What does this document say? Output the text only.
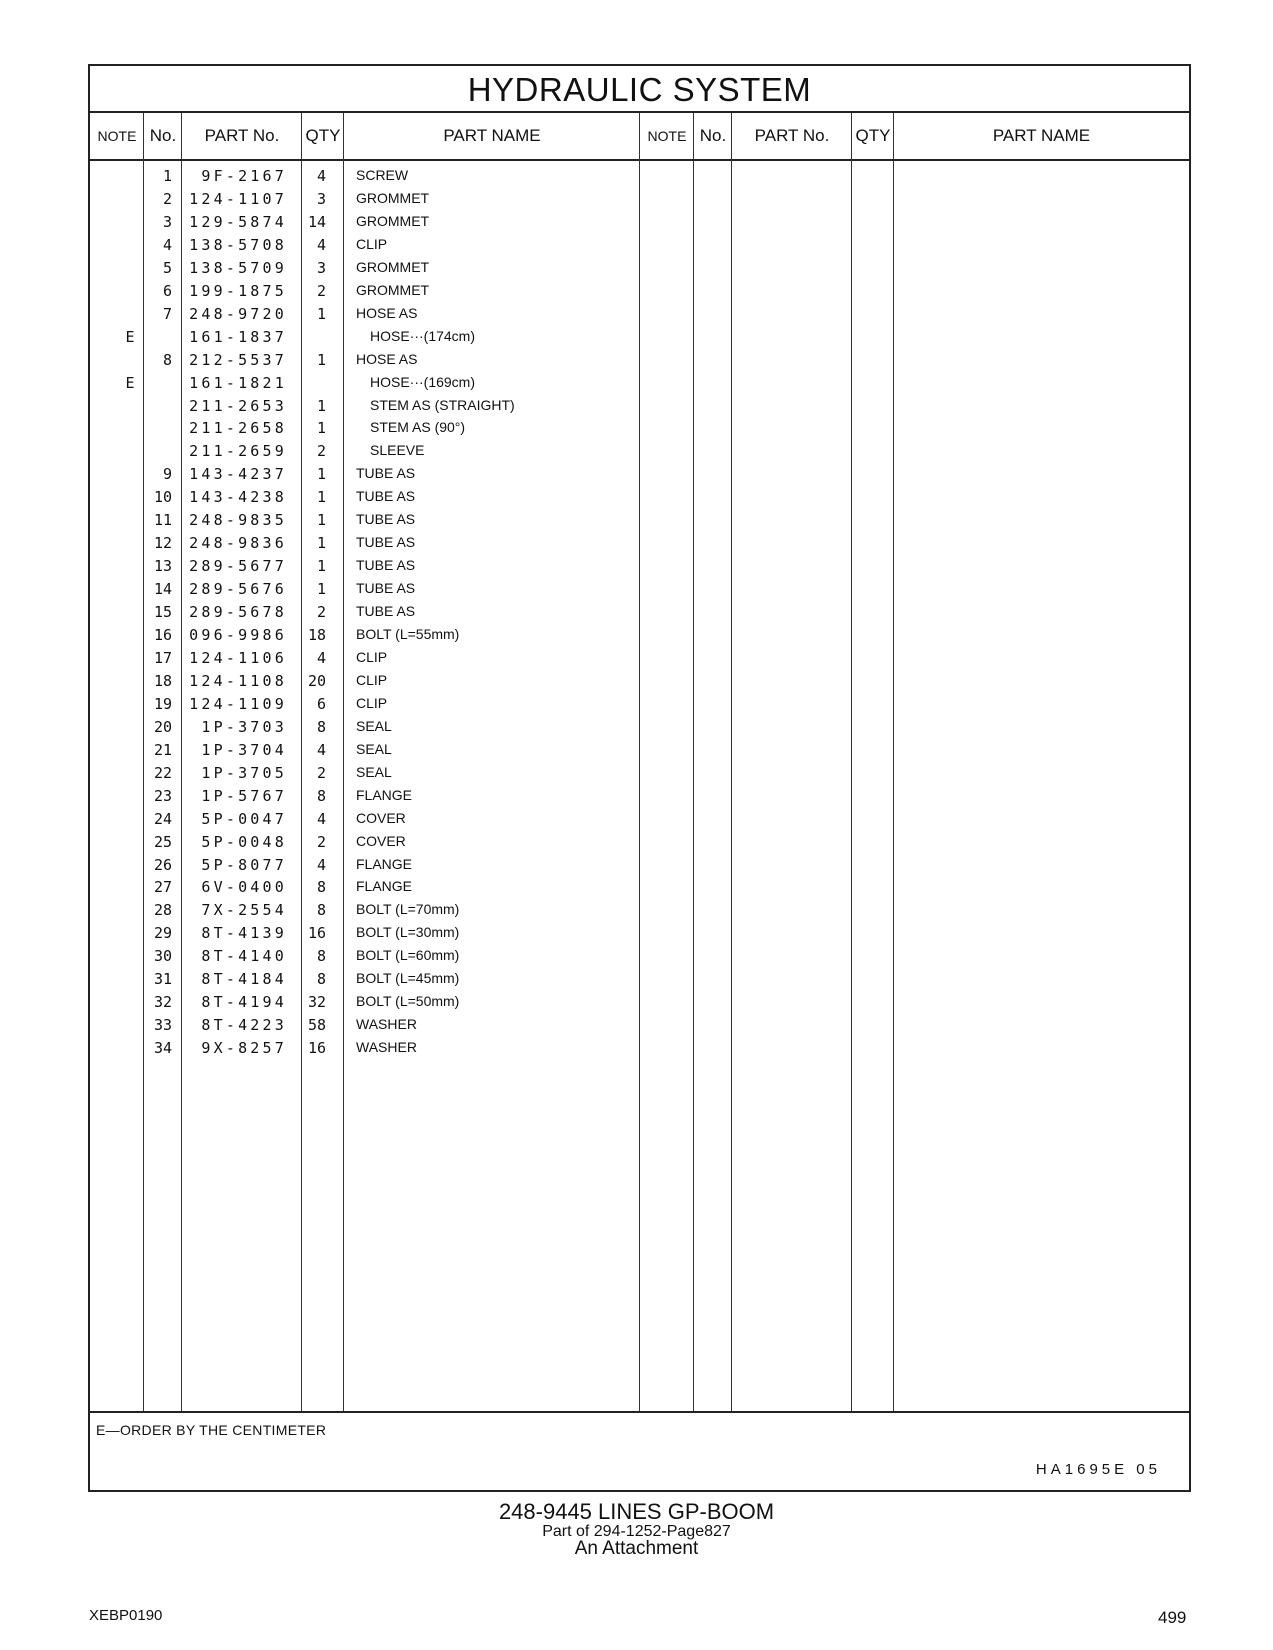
HYDRAULIC SYSTEM
NOTE No.	PART No.	QTY	PART NAME	NOTE No.	PART No.	QTY	PART NAME
1	9F-2167	4 SCREW
2	124-1107	3 GROMMET
3	129-5874	14 GROMMET
4	138-5708	4 CLIP
5	138-5709	3 GROMMET
6	199-1875	2 GROMMET
7	248-9720	1 HOSE AS
E	161-1837	HOSE···(174cm)
8	212-5537	1 HOSE AS
E	161-1821	HOSE···(169cm)
211-2653	1	STEM AS (STRAIGHT)
211-2658	1	STEM AS (90°)
211-2659	2	SLEEVE
9	143-4237	1 TUBE AS
10	143-4238	1 TUBE AS
11	248-9835	1 TUBE AS
12	248-9836	1 TUBE AS
13	289-5677	1 TUBE AS
14	289-5676	1 TUBE AS
15	289-5678	2 TUBE AS
16	096-9986	18 BOLT (L=55mm)
17	124-1106	4 CLIP
18	124-1108	20 CLIP
19	124-1109	6 CLIP
20	1P-3703	8 SEAL
21	1P-3704	4 SEAL
22	1P-3705	2 SEAL
23	1P-5767	8 FLANGE
24	5P-0047	4 COVER
25	5P-0048	2 COVER
26	5P-8077	4 FLANGE
27	6V-0400	8 FLANGE
28	7X-2554	8 BOLT (L=70mm)
29	8T-4139	16 BOLT (L=30mm)
30	8T-4140	8 BOLT (L=60mm)
31	8T-4184	8 BOLT (L=45mm)
32	8T-4194	32 BOLT (L=50mm)
33	8T-4223	58 WASHER
34	9X-8257	16 WASHER
E—ORDER BY THE CENTIMETER
HA1695E 05
248-9445 LINES GP-BOOM
Part of 294-1252-Page827
An Attachment
XEBP0190	499
